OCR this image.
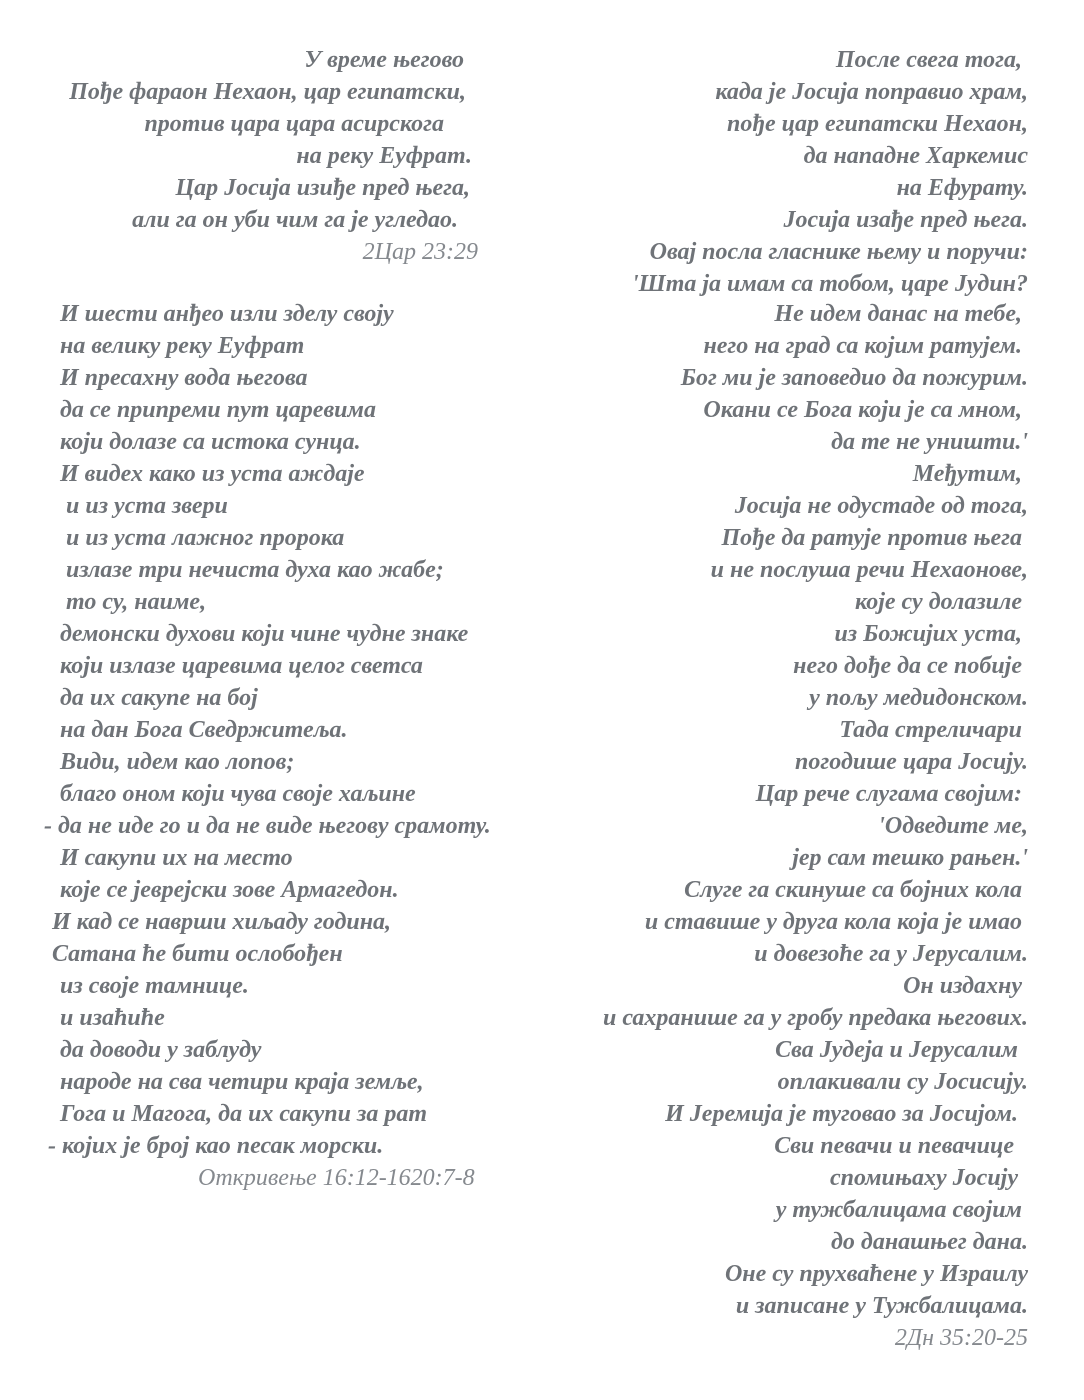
У време његово
Пође фараон Нехаон, цар египатски,
против цара цара асирскога
на реку Еуфрат.
Цар Јосија изиђе пред њега,
али га он уби чим га је угледао.
2Цар 23:29
И шести анђео изли зделу своју
на велику реку Еуфрат
И пресахну вода његова
да се припреми пут царевима
који долазе са истока сунца.
И видех како из уста аждаје
и из уста звери
и из уста лажног пророка
излазе три нечиста духа као жабе;
то су, наиме,
демонски духови који чине чудне знаке
који излазе царевима целог светса
да их сакупе на бој
на дан Бога Сведржитеља.
Види, идем као лопов;
благо оном који чува своје хаљине
- да не иде го и да не виде његову срамоту.
И сакупи их на место
које се јеврејски зове Армагедон.
И кад се наврши хиљаду година,
Сатана ће бити ослобођен
из своје тамнице.
и изаћиће
да доводи у заблуду
народе на сва четири краја земље,
Гога и Магога, да их сакупи за рат
- којих је број као песак морски.
Откривење 16:12-1620:7-8
После свега тога,
када је Јосија поправио храм,
пође цар египатски Нехаон,
да нападне Харкемис
на Ефурату.
Јосија изађе пред њега.
Овај посла гласнике њему и поручи:
'Шта ја имам са тобом, царе Јудин?
Не идем данас на тебе,
него на град са којим ратујем.
Бог ми је заповедио да пожурим.
Окани се Бога који је са мном,
да те не уништи.'
Међутим,
Јосија не одустаде од тога,
Пође да ратује против њега
и не послуша речи Нехаонове,
које су долазиле
из Божијих уста,
него дође да се побије
у пољу медидонском.
Тада стреличари
погодише цара Јосију.
Цар рече слугама својим:
'Одведите ме,
јер сам тешко рањен.'
Слуге га скинуше са бојних кола
и ставише у друга кола која је имао
и довезоће га у Јерусалим.
Он издахну
и сахранише га у гробу предака његових.
Сва Јудеја и Јерусалим
оплакивали су Јосисију.
И Јеремија је туговао за Јосијом.
Сви певачи и певачице
спомињаху Јосију
у тужбалицама својим
до данашњег дана.
Оне су прухваћене у Израилу
и записане у Тужбалицама.
2Дн 35:20-25
